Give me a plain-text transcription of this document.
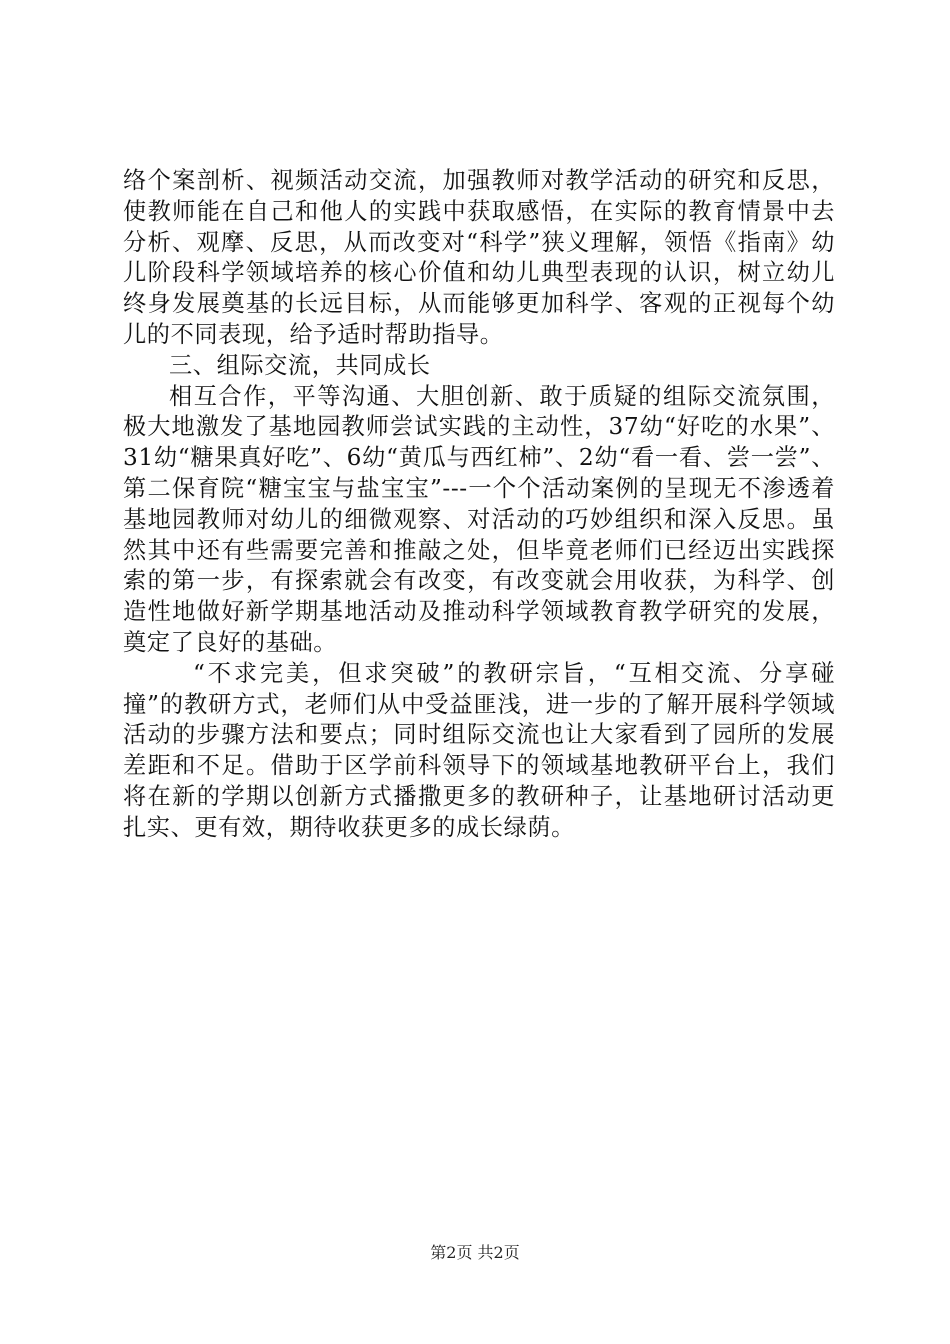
络个案剖析、视频活动交流，加强教师对教学活动的研究和反思，使教师能在自己和他人的实践中获取感悟，在实际的教育情景中去分析、观摩、反思，从而改变对“科学”狭义理解，领悟《指南》幼儿阶段科学领域培养的核心价值和幼儿典型表现的认识，树立幼儿终身发展奠基的长远目标，从而能够更加科学、客观的正视每个幼儿的不同表现，给予适时帮助指导。

三、组际交流，共同成长

相互合作，平等沟通、大胆创新、敢于质疑的组际交流氛围，极大地激发了基地园教师尝试实践的主动性，37幼“好吃的水果”、31幼“糖果真好吃”、6幼“黄瓜与西红柿”、2幼“看一看、尝一尝”、第二保育院“糖宝宝与盐宝宝”---一个个活动案例的呈现无不渗透着基地园教师对幼儿的细微观察、对活动的巧妙组织和深入反思。虽然其中还有些需要完善和推敲之处，但毕竟老师们已经迈出实践探索的第一步，有探索就会有改变，有改变就会用收获，为科学、创造性地做好新学期基地活动及推动科学领域教育教学研究的发展，奠定了良好的基础。

“不求完美，但求突破”的教研宗旨，“互相交流、分享碰撞”的教研方式，老师们从中受益匪浅，进一步的了解开展科学领域活动的步骤方法和要点；同时组际交流也让大家看到了园所的发展差距和不足。借助于区学前科领导下的领域基地教研平台上，我们将在新的学期以创新方式播撒更多的教研种子，让基地研讨活动更扎实、更有效，期待收获更多的成长绿荫。

第2页 共2页
